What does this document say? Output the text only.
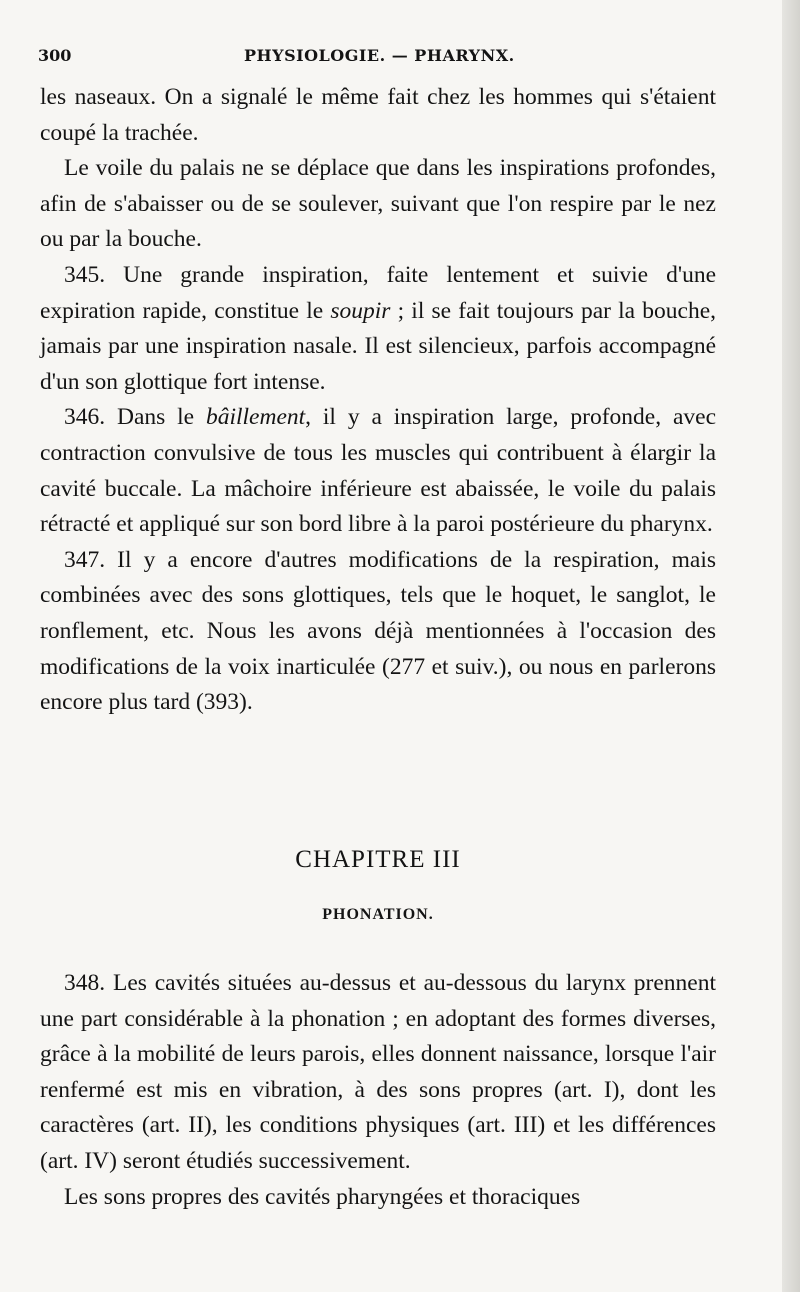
300	PHYSIOLOGIE. — PHARYNX.

les naseaux. On a signalé le même fait chez les hommes qui s'étaient coupé la trachée.

Le voile du palais ne se déplace que dans les inspirations profondes, afin de s'abaisser ou de se soulever, suivant que l'on respire par le nez ou par la bouche.

345. Une grande inspiration, faite lentement et suivie d'une expiration rapide, constitue le soupir ; il se fait toujours par la bouche, jamais par une inspiration nasale. Il est silencieux, parfois accompagné d'un son glottique fort intense.

346. Dans le bâillement, il y a inspiration large, profonde, avec contraction convulsive de tous les muscles qui contribuent à élargir la cavité buccale. La mâchoire inférieure est abaissée, le voile du palais rétracté et appliqué sur son bord libre à la paroi postérieure du pharynx.

347. Il y a encore d'autres modifications de la respiration, mais combinées avec des sons glottiques, tels que le hoquet, le sanglot, le ronflement, etc. Nous les avons déjà mentionnées à l'occasion des modifications de la voix inarticulée (277 et suiv.), ou nous en parlerons encore plus tard (393).

CHAPITRE III
PHONATION.

348. Les cavités situées au-dessus et au-dessous du larynx prennent une part considérable à la phonation ; en adoptant des formes diverses, grâce à la mobilité de leurs parois, elles donnent naissance, lorsque l'air renfermé est mis en vibration, à des sons propres (art. I), dont les caractères (art. II), les conditions physiques (art. III) et les différences (art. IV) seront étudiés successivement.

Les sons propres des cavités pharyngées et thoraciques
